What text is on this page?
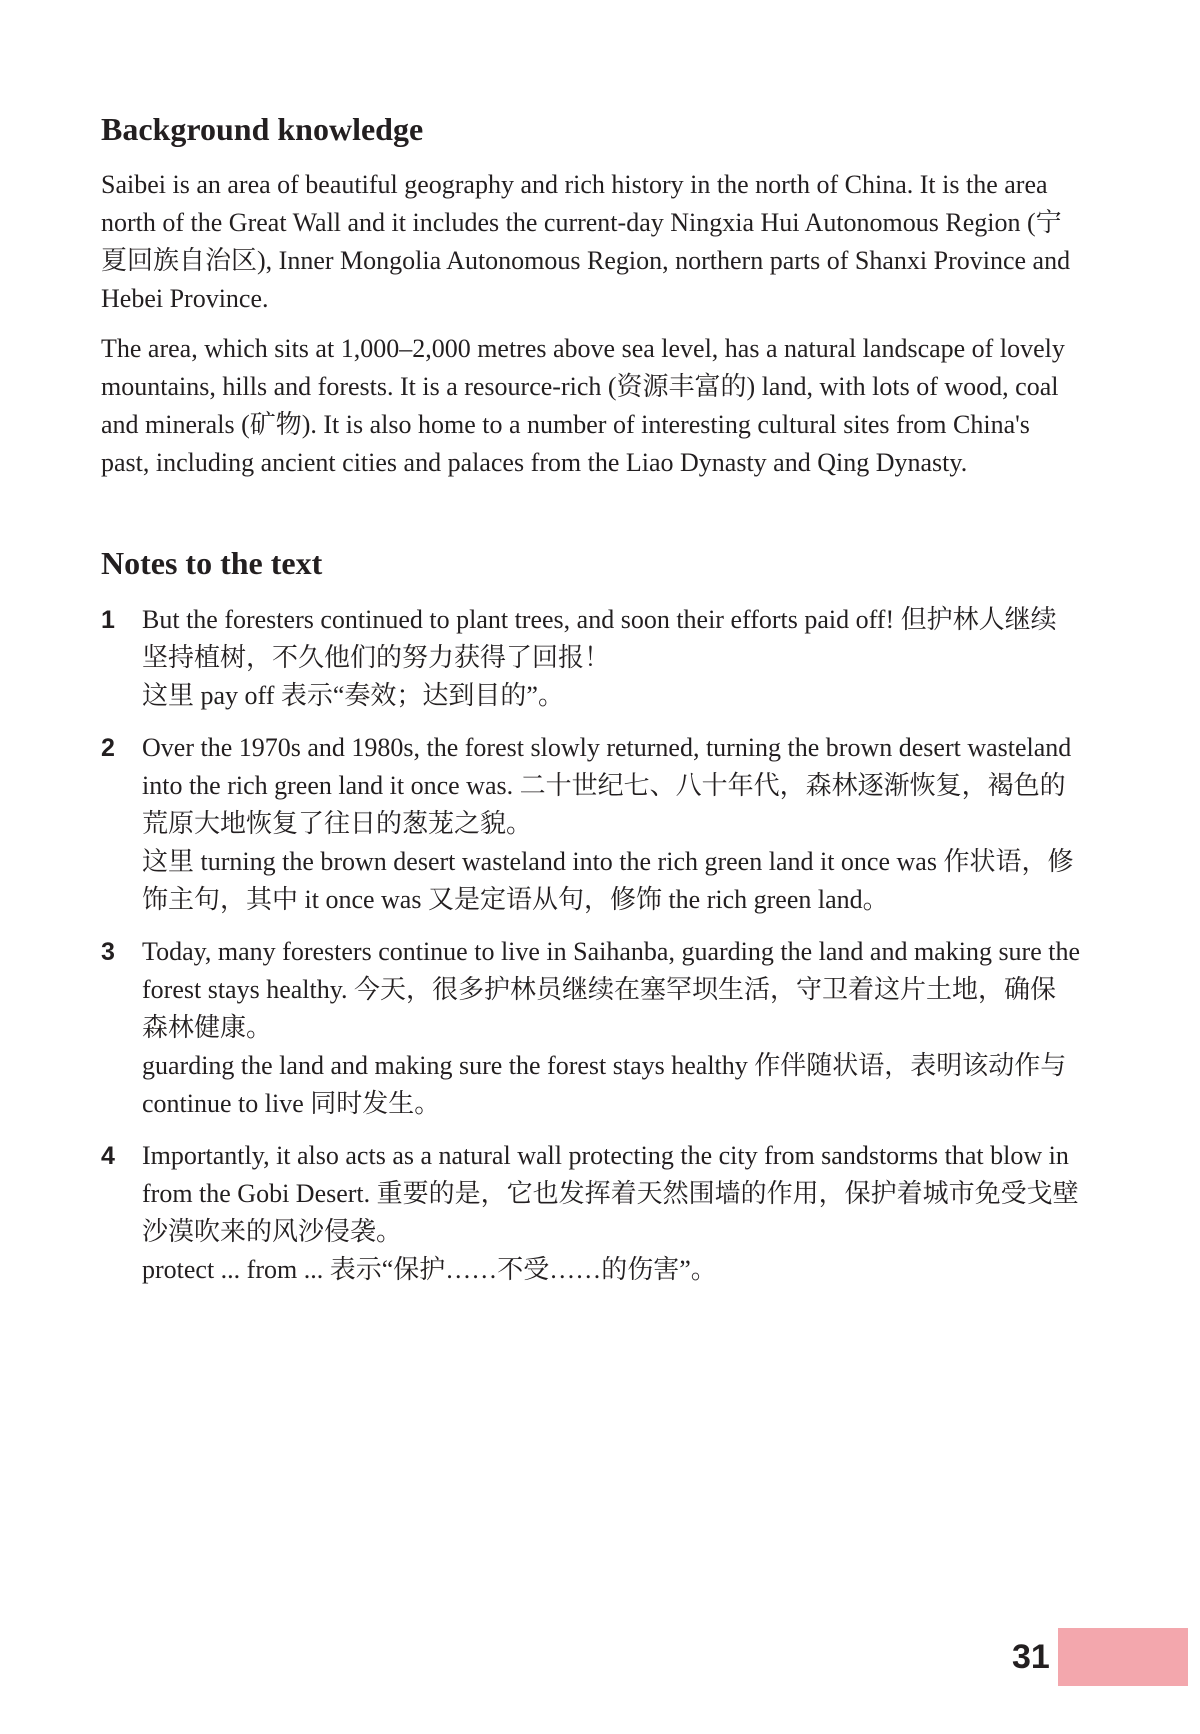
Background knowledge

Saibei is an area of beautiful geography and rich history in the north of China. It is the area north of the Great Wall and it includes the current-day Ningxia Hui Autonomous Region (宁夏回族自治区), Inner Mongolia Autonomous Region, northern parts of Shanxi Province and Hebei Province.

The area, which sits at 1,000–2,000 metres above sea level, has a natural landscape of lovely mountains, hills and forests. It is a resource-rich (资源丰富的) land, with lots of wood, coal and minerals (矿物). It is also home to a number of interesting cultural sites from China's past, including ancient cities and palaces from the Liao Dynasty and Qing Dynasty.

Notes to the text
1	But the foresters continued to plant trees, and soon their efforts paid off! 但护林人继续坚持植树，不久他们的努力获得了回报！
这里 pay off 表示“奏效；达到目的”。
2	Over the 1970s and 1980s, the forest slowly returned, turning the brown desert wasteland into the rich green land it once was. 二十世纪七、八十年代，森林逐渐恢复，褐色的荒原大地恢复了往日的葱茏之貌。
这里 turning the brown desert wasteland into the rich green land it once was 作状语，修饰主句，其中 it once was 又是定语从句，修饰 the rich green land。
3	Today, many foresters continue to live in Saihanba, guarding the land and making sure the forest stays healthy. 今天，很多护林员继续在塞罕坝生活，守卫着这片土地，确保森林健康。
guarding the land and making sure the forest stays healthy 作伴随状语，表明该动作与 continue to live 同时发生。
4	Importantly, it also acts as a natural wall protecting the city from sandstorms that blow in from the Gobi Desert. 重要的是，它也发挥着天然围墙的作用，保护着城市免受戈壁沙漠吹来的风沙侵袭。
protect ... from ... 表示“保护……不受……的伤害”。
31
